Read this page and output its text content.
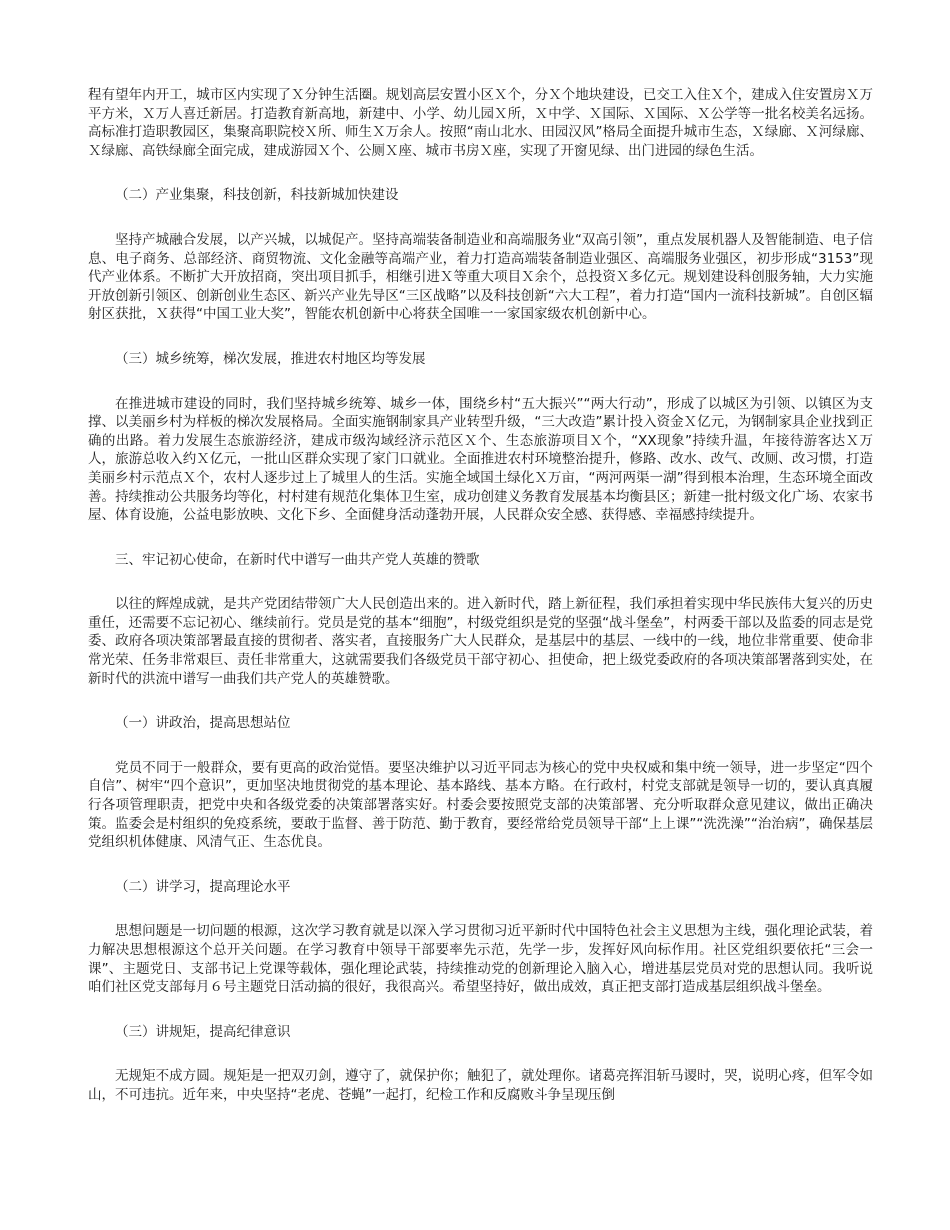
程有望年内开工，城市区内实现了Ｘ分钟生活圈。规划高层安置小区Ｘ个，分Ｘ个地块建设，已交工入住Ｘ个，建成入住安置房Ｘ万平方米，Ｘ万人喜迁新居。打造教育新高地，新建中、小学、幼儿园Ｘ所，Ｘ中学、Ｘ国际、Ｘ国际、Ｘ公学等一批名校美名远扬。高标准打造职教园区，集聚高职院校Ｘ所、师生Ｘ万余人。按照“南山北水、田园汉风”格局全面提升城市生态，Ｘ绿廊、Ｘ河绿廊、Ｘ绿廊、高铁绿廊全面完成，建成游园Ｘ个、公厕Ｘ座、城市书房Ｘ座，实现了开窗见绿、出门进园的绿色生活。

（二）产业集聚，科技创新，科技新城加快建设

坚持产城融合发展，以产兴城，以城促产。坚持高端装备制造业和高端服务业“双高引领”，重点发展机器人及智能制造、电子信息、电子商务、总部经济、商贸物流、文化金融等高端产业，着力打造高端装备制造业强区、高端服务业强区，初步形成“3153”现代产业体系。不断扩大开放招商，突出项目抓手，相继引进Ｘ等重大项目Ｘ余个，总投资Ｘ多亿元。规划建设科创服务轴，大力实施开放创新引领区、创新创业生态区、新兴产业先导区“三区战略”以及科技创新“六大工程”，着力打造“国内一流科技新城”。自创区辐射区获批，Ｘ获得“中国工业大奖”，智能农机创新中心将获全国唯一一家国家级农机创新中心。

（三）城乡统筹，梯次发展，推进农村地区均等发展

在推进城市建设的同时，我们坚持城乡统筹、城乡一体，围绕乡村“五大振兴”“两大行动”，形成了以城区为引领、以镇区为支撑、以美丽乡村为样板的梯次发展格局。全面实施钢制家具产业转型升级，“三大改造”累计投入资金Ｘ亿元，为钢制家具企业找到正确的出路。着力发展生态旅游经济，建成市级沟域经济示范区Ｘ个、生态旅游项目Ｘ个，“XX现象”持续升温，年接待游客达Ｘ万人，旅游总收入约Ｘ亿元，一批山区群众实现了家门口就业。全面推进农村环境整治提升，修路、改水、改气、改厕、改习惯，打造美丽乡村示范点Ｘ个，农村人逐步过上了城里人的生活。实施全域国土绿化Ｘ万亩，“两河两渠一湖”得到根本治理，生态环境全面改善。持续推动公共服务均等化，村村建有规范化集体卫生室，成功创建义务教育发展基本均衡县区；新建一批村级文化广场、农家书屋、体育设施，公益电影放映、文化下乡、全面健身活动蓬勃开展，人民群众安全感、获得感、幸福感持续提升。

三、牢记初心使命，在新时代中谱写一曲共产党人英雄的赞歌

以往的辉煌成就，是共产党团结带领广大人民创造出来的。进入新时代，踏上新征程，我们承担着实现中华民族伟大复兴的历史重任，还需要不忘记初心、继续前行。党员是党的基本“细胞”，村级党组织是党的坚强“战斗堡垒”，村两委干部以及监委的同志是党委、政府各项决策部署最直接的贯彻者、落实者，直接服务广大人民群众，是基层中的基层、一线中的一线，地位非常重要、使命非常光荣、任务非常艰巨、责任非常重大，这就需要我们各级党员干部守初心、担使命，把上级党委政府的各项决策部署落到实处，在新时代的洪流中谱写一曲我们共产党人的英雄赞歌。

（一）讲政治，提高思想站位

党员不同于一般群众，要有更高的政治觉悟。要坚决维护以习近平同志为核心的党中央权威和集中统一领导，进一步坚定“四个自信”、树牢“四个意识”，更加坚决地贯彻党的基本理论、基本路线、基本方略。在行政村，村党支部就是领导一切的，要认真真履行各项管理职责，把党中央和各级党委的决策部署落实好。村委会要按照党支部的决策部署、充分听取群众意见建议，做出正确决策。监委会是村组织的免疫系统，要敢于监督、善于防范、勤于教育，要经常给党员领导干部“上上课”“洗洗澡”“治治病”，确保基层党组织机体健康、风清气正、生态优良。

（二）讲学习，提高理论水平

思想问题是一切问题的根源，这次学习教育就是以深入学习贯彻习近平新时代中国特色社会主义思想为主线，强化理论武装，着力解决思想根源这个总开关问题。在学习教育中领导干部要率先示范，先学一步，发挥好风向标作用。社区党组织要依托“三会一课”、主题党日、支部书记上党课等载体，强化理论武装，持续推动党的创新理论入脑入心，增进基层党员对党的思想认同。我听说咱们社区党支部每月６号主题党日活动搞的很好，我很高兴。希望坚持好，做出成效，真正把支部打造成基层组织战斗堡垒。

（三）讲规矩，提高纪律意识

无规矩不成方圆。规矩是一把双刃剑，遵守了，就保护你；触犯了，就处理你。诸葛亮挥泪斩马谡时，哭，说明心疼，但军令如山，不可违抗。近年来，中央坚持“老虎、苍蝇”一起打，纪检工作和反腐败斗争呈现压倒
